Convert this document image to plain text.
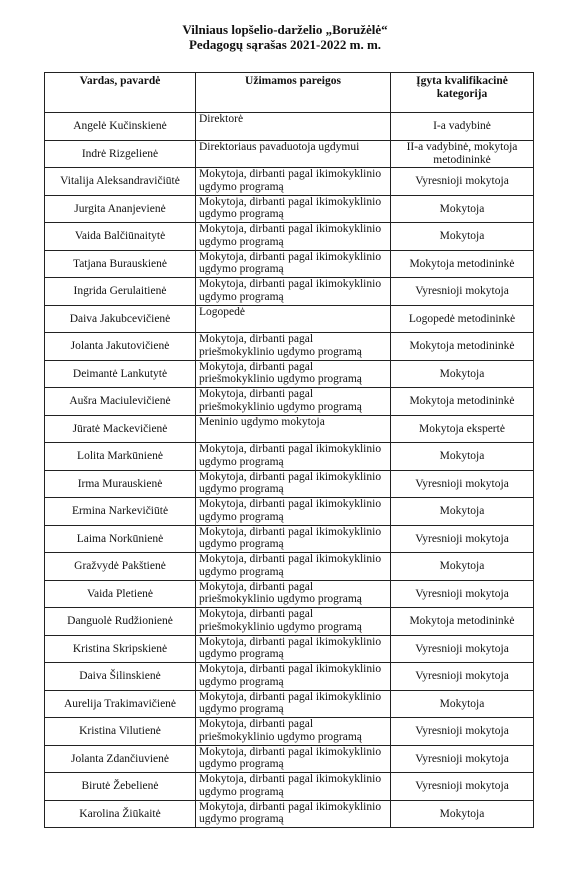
Vilniaus lopšelio-darželio „Boružėlė“
Pedagogų sąrašas 2021-2022 m. m.
Vardas, pavardė	Užimamos pareigos	Įgyta kvalifikacinė kategorija
Angelė Kučinskienė	Direktorė	I-a vadybinė
Indrė Rizgelienė	Direktoriaus pavaduotoja ugdymui	II-a vadybinė, mokytoja metodininkė
Vitalija Aleksandravičiūtė	Mokytoja, dirbanti pagal ikimokyklinio ugdymo programą	Vyresnioji mokytoja
Jurgita Ananjevienė	Mokytoja, dirbanti pagal ikimokyklinio ugdymo programą	Mokytoja
Vaida Balčiūnaitytė	Mokytoja, dirbanti pagal ikimokyklinio ugdymo programą	Mokytoja
Tatjana Burauskienė	Mokytoja, dirbanti pagal ikimokyklinio ugdymo programą	Mokytoja metodininkė
Ingrida Gerulaitienė	Mokytoja, dirbanti pagal ikimokyklinio ugdymo programą	Vyresnioji mokytoja
Daiva Jakubcevičienė	Logopedė	Logopedė metodininkė
Jolanta Jakutovičienė	Mokytoja, dirbanti pagal priešmokyklinio ugdymo programą	Mokytoja metodininkė
Deimantė Lankutytė	Mokytoja, dirbanti pagal priešmokyklinio ugdymo programą	Mokytoja
Aušra Maciulevičienė	Mokytoja, dirbanti pagal priešmokyklinio ugdymo programą	Mokytoja metodininkė
Jūratė Mackevičienė	Meninio ugdymo mokytoja	Mokytoja ekspertė
Lolita Markūnienė	Mokytoja, dirbanti pagal ikimokyklinio ugdymo programą	Mokytoja
Irma Murauskienė	Mokytoja, dirbanti pagal ikimokyklinio ugdymo programą	Vyresnioji mokytoja
Ermina Narkevičiūtė	Mokytoja, dirbanti pagal ikimokyklinio ugdymo programą	Mokytoja
Laima Norkūnienė	Mokytoja, dirbanti pagal ikimokyklinio ugdymo programą	Vyresnioji mokytoja
Gražvydė Pakštienė	Mokytoja, dirbanti pagal ikimokyklinio ugdymo programą	Mokytoja
Vaida Pletienė	Mokytoja, dirbanti pagal priešmokyklinio ugdymo programą	Vyresnioji mokytoja
Danguolė Rudžionienė	Mokytoja, dirbanti pagal priešmokyklinio ugdymo programą	Mokytoja metodininkė
Kristina Skripskienė	Mokytoja, dirbanti pagal ikimokyklinio ugdymo programą	Vyresnioji mokytoja
Daiva Šilinskienė	Mokytoja, dirbanti pagal ikimokyklinio ugdymo programą	Vyresnioji mokytoja
Aurelija Trakimavičienė	Mokytoja, dirbanti pagal ikimokyklinio ugdymo programą	Mokytoja
Kristina Vilutienė	Mokytoja, dirbanti pagal priešmokyklinio ugdymo programą	Vyresnioji mokytoja
Jolanta Zdančiuvienė	Mokytoja, dirbanti pagal ikimokyklinio ugdymo programą	Vyresnioji mokytoja
Birutė Žebelienė	Mokytoja, dirbanti pagal ikimokyklinio ugdymo programą	Vyresnioji mokytoja
Karolina Žiūkaitė	Mokytoja, dirbanti pagal ikimokyklinio ugdymo programą	Mokytoja
